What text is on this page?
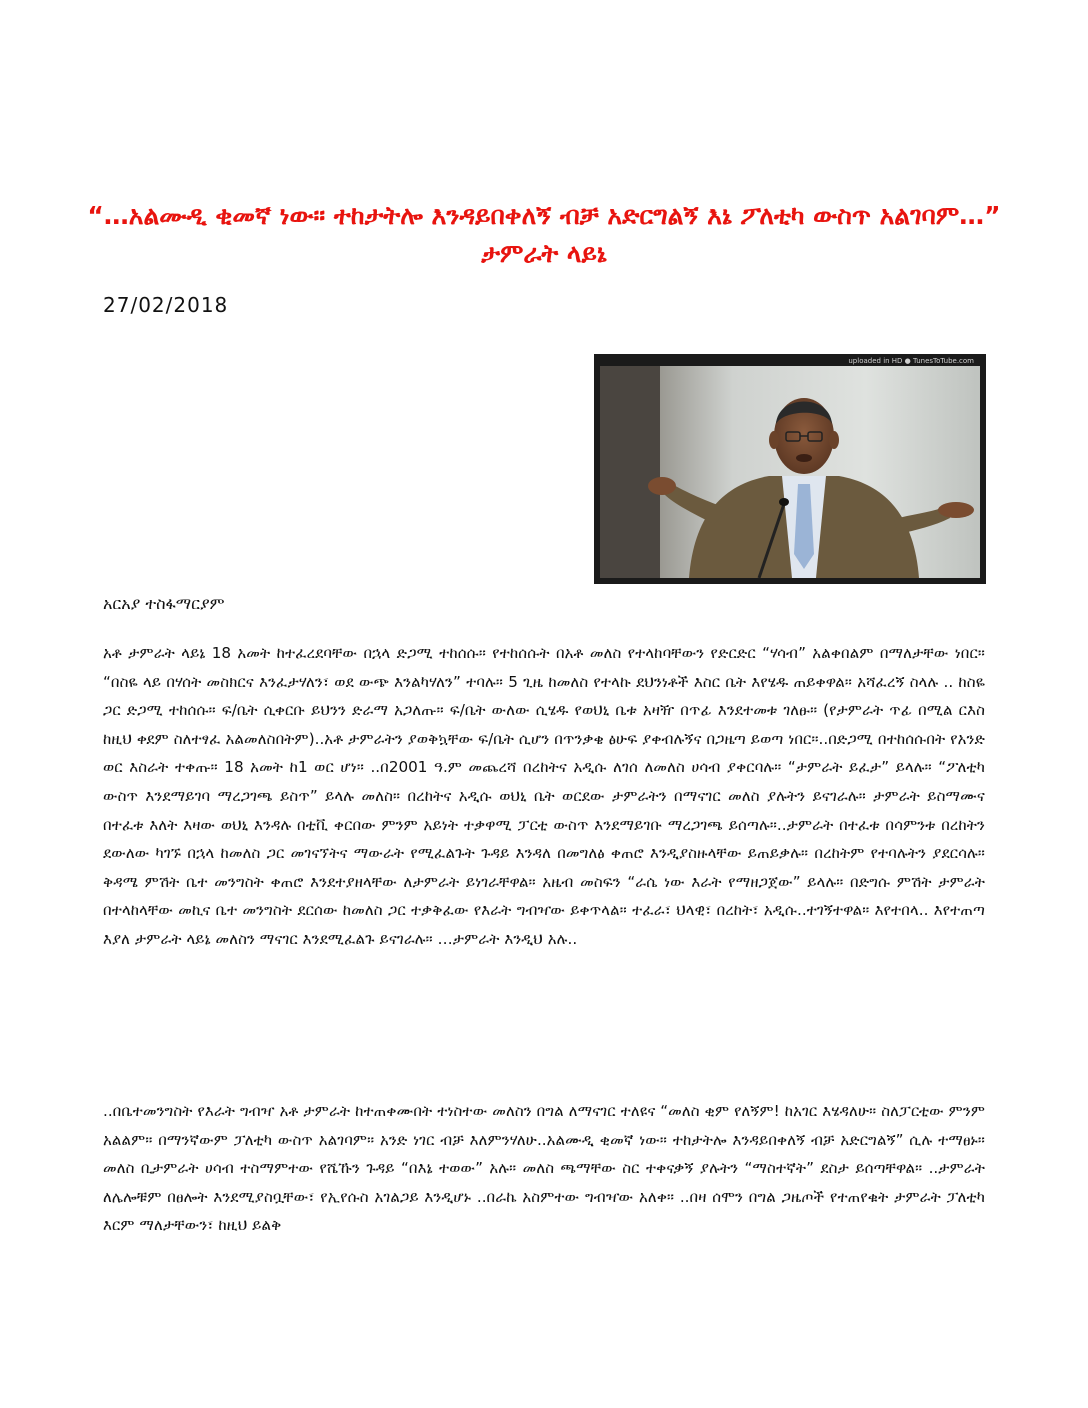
“…አልሙዲ ቂመኛ ነው። ተከታትሎ እንዳይበቀለኝ ብቻ አድርግልኝ እኔ ፖለቲካ ውስጥ አልገባም…” ታምራት ላይኔ
27/02/2018
uploaded in HD ● TunesToTube.com
አርአያ ተስፋማርያም

አቶ ታምራት ላይኔ 18 አመት ከተፈረደባቸው በኋላ ድጋሚ ተከሰሱ። የተከሰሱት በአቶ መለስ የተላከባቸውን የድርድር “ሃሳብ” አልቀበልም በማለታቸው ነበር። “በስዬ ላይ በሃሰት መስክርና እንፈታሃለን፣ ወደ ውጭ እንልካሃለን” ተባሉ። 5 ጊዜ ከመለስ የተላኩ ደህንነቶች እስር ቤት እየሄዱ ጠይቀዋል። አሻፈረኝ ስላሉ .. ከስዬ ጋር ድጋሚ ተከሰሱ። ፍ/ቤት ሲቀርቡ ይህንን ድራማ አጋለጡ። ፍ/ቤት ውለው ሲሄዱ የወህኒ ቤቱ አዛዥ በጥፊ እንደተመቱ ገለፁ። (የታምራት ጥፊ በሚል ርእስ ከዚህ ቀደም ስለተፃፈ አልመለስበትም)..አቶ ታምራትን ያወቅኳቸው ፍ/ቤት ሲሆን በጥንቃቄ ፅሁፍ ያቀብሉኝና በጋዜጣ ይወጣ ነበር።..በድጋሚ በተከሰሱበት የአንድ ወር እስራት ተቀጡ። 18 አመት ከ1 ወር ሆነ። ..በ2001 ዓ.ም መጨረሻ በረከትና አዲሱ ለገሰ ለመለስ ሀሳብ ያቀርባሉ። “ታምራት ይፈታ” ይላሉ። “ፖለቲካ ውስጥ እንደማይገባ ማረጋገጫ ይስጥ” ይላሉ መለስ። በረከትና አዲሱ ወህኒ ቤት ወርደው ታምራትን በማናገር መለስ ያሉትን ይናገራሉ። ታምራት ይስማሙና በተፈቱ እለት እዛው ወህኒ እንዳሉ በቲቪ ቀርበው ምንም አይነት ተቃዋሚ ፓርቲ ውስጥ እንደማይገቡ ማረጋገጫ ይሰጣሉ።..ታምራት በተፈቱ በሳምንቱ በረከትን ደውለው ካገኙ በኋላ ከመለስ ጋር መገናኘትና ማውራት የሚፈልጉት ጉዳይ እንዳለ በመግለፅ ቀጠሮ እንዲያስዙላቸው ይጠይቃሉ። በረከትም የተባሉትን ያደርሳሉ። ቅዳሜ ምሽት ቤተ መንግስት ቀጠሮ እንደተያዘላቸው ለታምራት ይነገራቸዋል። አዜብ መስፍን “ራሴ ነው እራት የማዘጋጀው” ይላሉ። በድግሱ ምሽት ታምራት በተላከላቸው መኪና ቤተ መንግስት ደርሰው ከመለስ ጋር ተቃቅፈው የእራት ግብዣው ይቀጥላል። ተፈራ፣ ህላዊ፣ በረከት፣ አዲሱ..ተገኝተዋል። እየተበላ.. እየተጠጣ እያለ ታምራት ላይኔ መለስን ማናገር እንደሚፈልጉ ይናገራሉ። …ታምራት እንዲህ አሉ..

..በቤተመንግስት የእራት ግብዣ አቶ ታምራት ከተጠቀሙበት ተነስተው መለስን በግል ለማናገር ተለዩና “መለስ ቂም የለኝም! ከአገር እሄዳለሁ። ስለፓርቲው ምንም አልልም። በማንኛውም ፓለቲካ ውስጥ አልገባም። አንድ ነገር ብቻ እለምንሃለሁ..አልሙዲ ቂመኛ ነው። ተከታትሎ እንዳይበቀለኝ ብቻ አድርግልኝ” ሲሉ ተማፀኑ። መለስ ቢታምራት ሀሳብ ተስማምተው የሼኹን ጉዳይ “በእኔ ተወው” አሉ። መለስ ጫማቸው ስር ተቀናቃኝ ያሉትን “ማስተኛት” ደስታ ይሰጣቸዋል። ..ታምራት ለሌሎቹም በፀሎት እንደሚያስቧቸው፣ የኢየሱስ አገልጋይ እንዲሆኑ ..በራኬ አስምተው ግብዣው አለቀ። ..በዛ ሰሞን በግል ጋዜጦች የተጠየቁት ታምራት ፓለቲካ እርም ማለታቸውን፣ ከዚህ ይልቅ
